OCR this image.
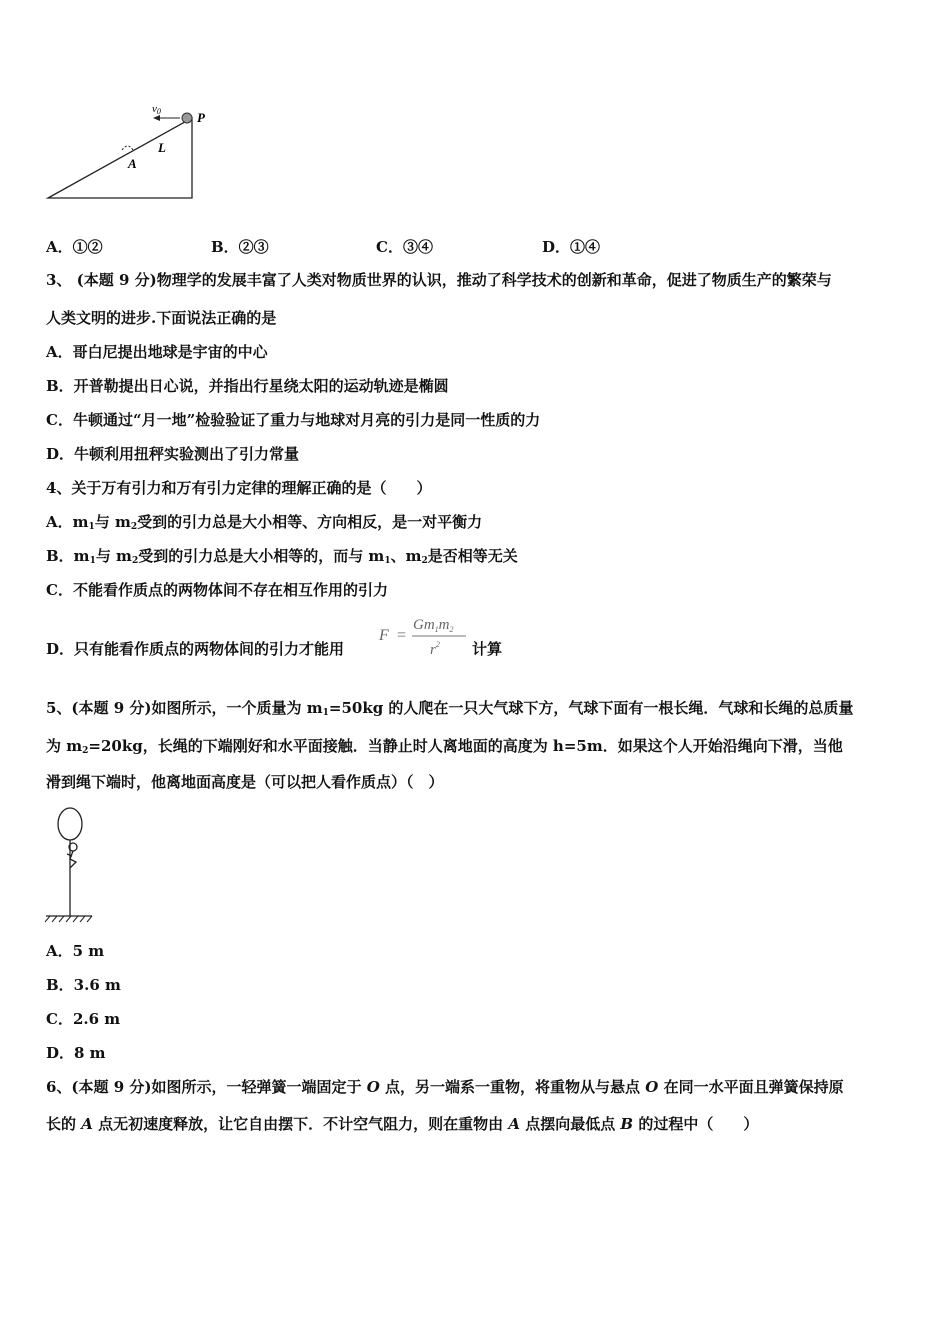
v0	P
L
A
A．①②	B．②③	C．③④	D．①④
3、 (本题 9 分)物理学的发展丰富了人类对物质世界的认识，推动了科学技术的创新和革命，促进了物质生产的繁荣与
人类文明的进步.下面说法正确的是
A．哥白尼提出地球是宇宙的中心
B．开普勒提出日心说，并指出行星绕太阳的运动轨迹是椭圆
C．牛顿通过“月一地”检验验证了重力与地球对月亮的引力是同一性质的力
D．牛顿利用扭秤实验测出了引力常量
4、关于万有引力和万有引力定律的理解正确的是（　　）
A．$m_1$与 $m_2$受到的引力总是大小相等、方向相反，是一对平衡力
B．$m_1$与 $m_2$受到的引力总是大小相等的，而与 $m_1$、$m_2$是否相等无关
C．不能看作质点的两物体间不存在相互作用的引力
D．只有能看作质点的两物体间的引力才能用
F =
$Gm_1m_2$
$r^2$ 计算
5、(本题 9 分)如图所示，一个质量为 $m_1=50kg$ 的人爬在一只大气球下方，气球下面有一根长绳．气球和长绳的总质量
为 $m_2=20kg$，长绳的下端刚好和水平面接触．当静止时人离地面的高度为 h=5m．如果这个人开始沿绳向下滑，当他
滑到绳下端时，他离地面高度是（可以把人看作质点）（　）
A．5 m
B．3.6 m
C．2.6 m
D．8 m
6、(本题 9 分)如图所示，一轻弹簧一端固定于 O 点，另一端系一重物，将重物从与悬点 O 在同一水平面且弹簧保持原
长的 A 点无初速度释放，让它自由摆下．不计空气阻力，则在重物由 A 点摆向最低点 B 的过程中（　　）
